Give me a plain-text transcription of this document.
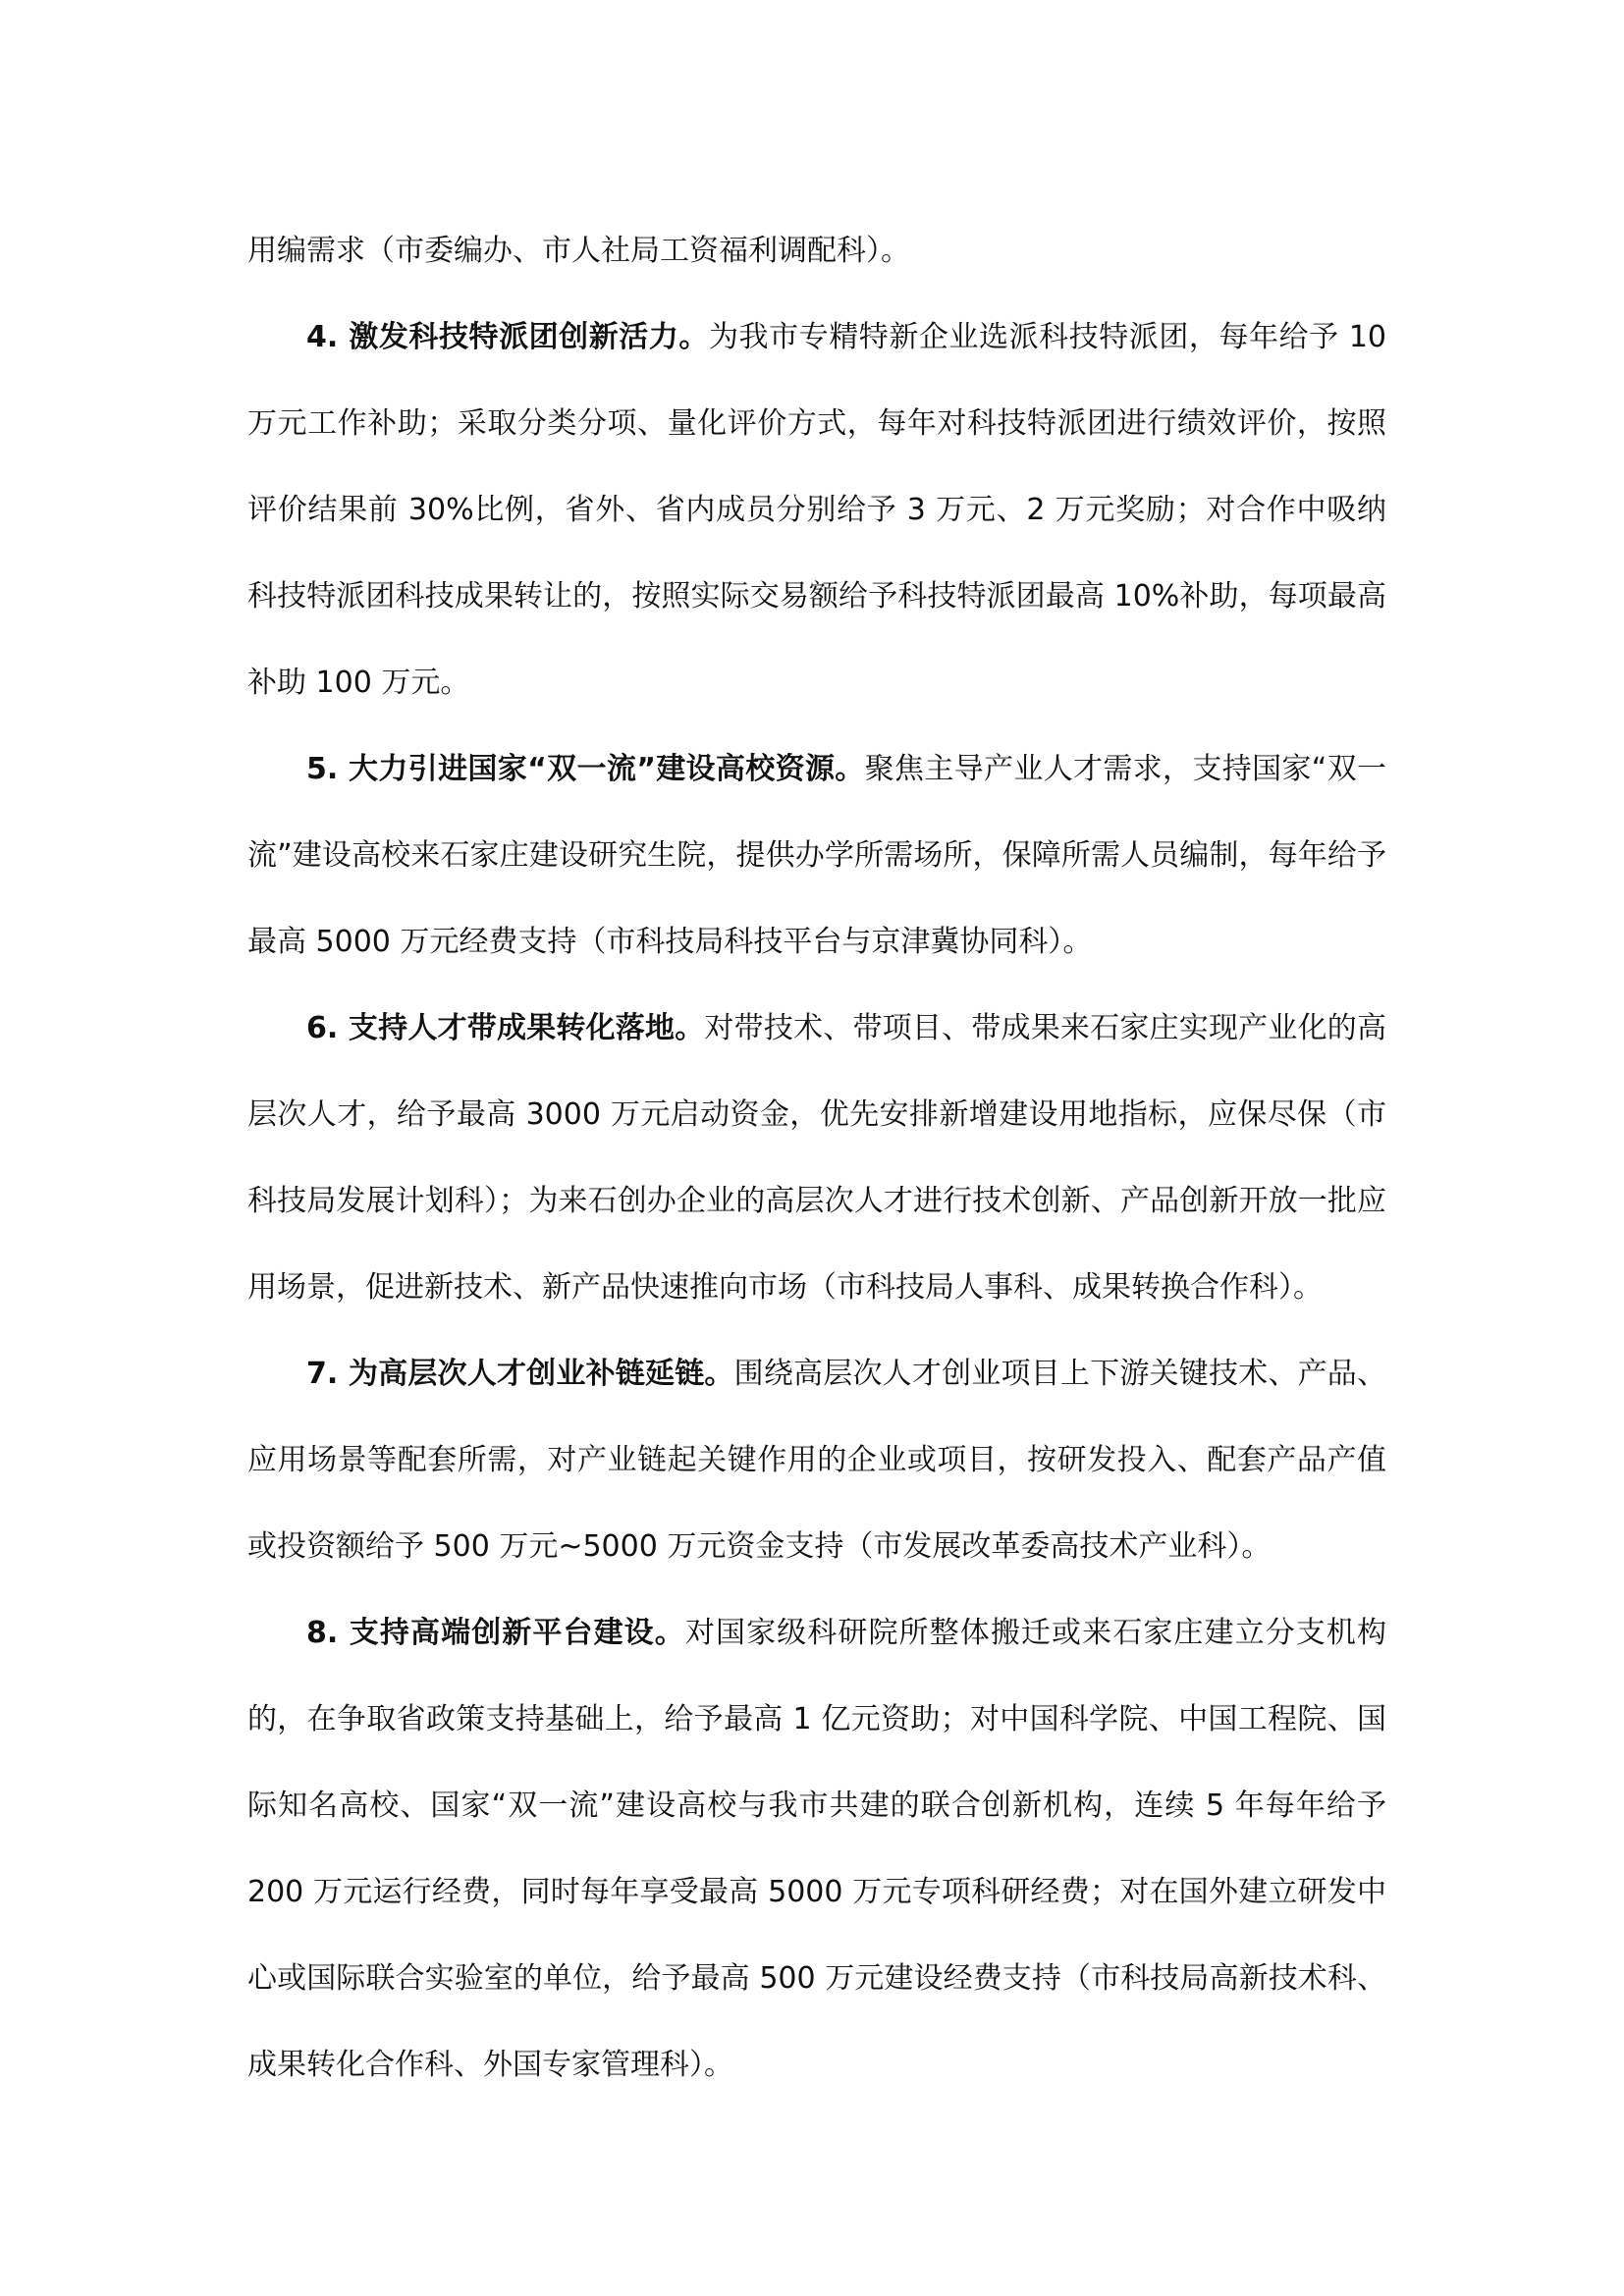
用编需求（市委编办、市人社局工资福利调配科）。

4. 激发科技特派团创新活力。为我市专精特新企业选派科技特派团，每年给予 10 万元工作补助；采取分类分项、量化评价方式，每年对科技特派团进行绩效评价，按照评价结果前 30%比例，省外、省内成员分别给予 3 万元、2 万元奖励；对合作中吸纳科技特派团科技成果转让的，按照实际交易额给予科技特派团最高 10%补助，每项最高补助 100 万元。

5. 大力引进国家“双一流”建设高校资源。聚焦主导产业人才需求，支持国家“双一流”建设高校来石家庄建设研究生院，提供办学所需场所，保障所需人员编制，每年给予最高 5000 万元经费支持（市科技局科技平台与京津冀协同科）。

6. 支持人才带成果转化落地。对带技术、带项目、带成果来石家庄实现产业化的高层次人才，给予最高 3000 万元启动资金，优先安排新增建设用地指标，应保尽保（市科技局发展计划科）；为来石创办企业的高层次人才进行技术创新、产品创新开放一批应用场景，促进新技术、新产品快速推向市场（市科技局人事科、成果转换合作科）。

7. 为高层次人才创业补链延链。围绕高层次人才创业项目上下游关键技术、产品、应用场景等配套所需，对产业链起关键作用的企业或项目，按研发投入、配套产品产值或投资额给予 500 万元~5000 万元资金支持（市发展改革委高技术产业科）。

8. 支持高端创新平台建设。对国家级科研院所整体搬迁或来石家庄建立分支机构的，在争取省政策支持基础上，给予最高 1 亿元资助；对中国科学院、中国工程院、国际知名高校、国家“双一流”建设高校与我市共建的联合创新机构，连续 5 年每年给予 200 万元运行经费，同时每年享受最高 5000 万元专项科研经费；对在国外建立研发中心或国际联合实验室的单位，给予最高 500 万元建设经费支持（市科技局高新技术科、成果转化合作科、外国专家管理科）。
